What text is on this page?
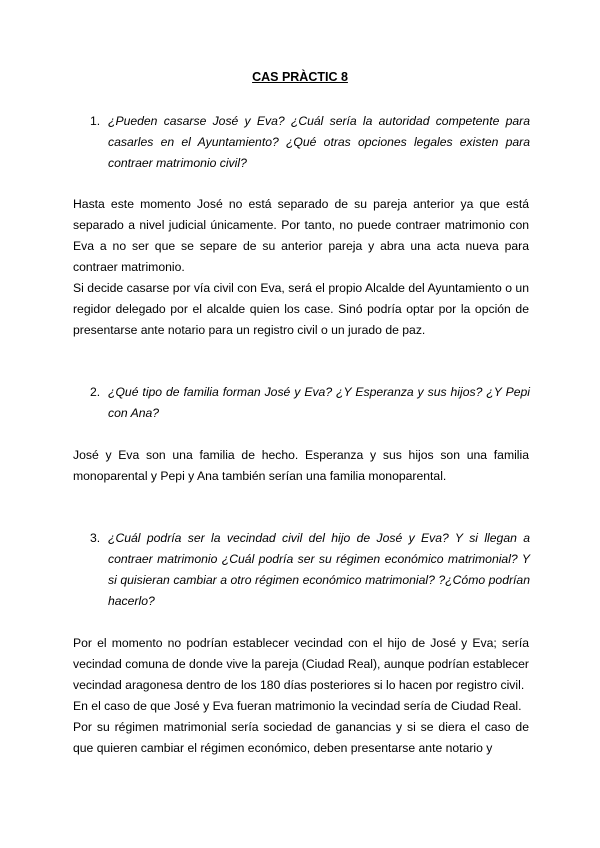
CAS PRÀCTIC 8
1. ¿Pueden casarse José y Eva? ¿Cuál sería la autoridad competente para casarles en el Ayuntamiento? ¿Qué otras opciones legales existen para contraer matrimonio civil?

Hasta este momento José no está separado de su pareja anterior ya que está separado a nivel judicial únicamente. Por tanto, no puede contraer matrimonio con Eva a no ser que se separe de su anterior pareja y abra una acta nueva para contraer matrimonio.

Si decide casarse por vía civil con Eva, será el propio Alcalde del Ayuntamiento o un regidor delegado por el alcalde quien los case. Sinó podría optar por la opción de presentarse ante notario para un registro civil o un jurado de paz.

2. ¿Qué tipo de familia forman José y Eva? ¿Y Esperanza y sus hijos? ¿Y Pepi con Ana?

José y Eva son una familia de hecho. Esperanza y sus hijos son una familia monoparental y Pepi y Ana también serían una familia monoparental.

3. ¿Cuál podría ser la vecindad civil del hijo de José y Eva? Y si llegan a contraer matrimonio ¿Cuál podría ser su régimen económico matrimonial? Y si quisieran cambiar a otro régimen económico matrimonial? ?¿Cómo podrían hacerlo?

Por el momento no podrían establecer vecindad con el hijo de José y Eva; sería vecindad comuna de donde vive la pareja (Ciudad Real), aunque podrían establecer vecindad aragonesa dentro de los 180 días posteriores si lo hacen por registro civil.

En el caso de que José y Eva fueran matrimonio la vecindad sería de Ciudad Real.

Por su régimen matrimonial sería sociedad de ganancias y si se diera el caso de que quieren cambiar el régimen económico, deben presentarse ante notario y
